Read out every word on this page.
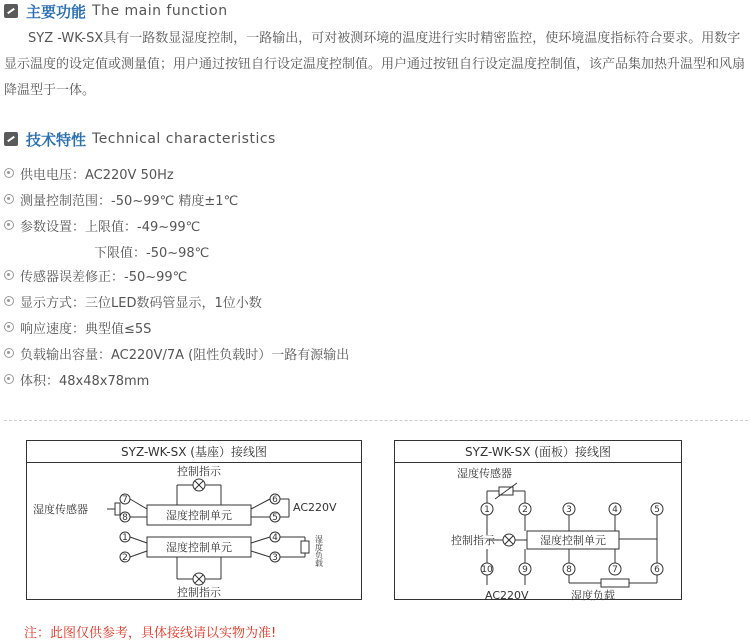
主要功能 The main function
SYZ -WK-SX具有一路数显湿度控制，一路输出，可对被测环境的温度进行实时精密监控，使环境温度指标符合要求。用数字显示温度的设定值或测量值；用户通过按钮自行设定温度控制值。用户通过按钮自行设定温度控制值，该产品集加热升温型和风扇降温型于一体。
技术特性 Technical characteristics
供电电压：AC220V 50Hz
测量控制范围：-50~99℃ 精度±1℃
参数设置：上限值：-49~99℃
下限值：-50~98℃
传感器误差修正：-50~99℃
显示方式：三位LED数码管显示，1位小数
响应速度：典型值≤5S
负载输出容量：AC220V/7A (阻性负载时）一路有源输出
体积：48x48x78mm
SYZ-WK-SX (基座）接线图
7
8
1
2
6
5
4
3
湿度控制单元
湿度控制单元
控制指示
控制指示
湿度传感器	AC220V
湿度负载
SYZ-WK-SX (面板）接线图
1	2	3	4	5
10	9	8	7	6
湿度传感器
控制指示	湿度控制单元
AC220V	湿度负载
注：此图仅供参考，具体接线请以实物为准!
